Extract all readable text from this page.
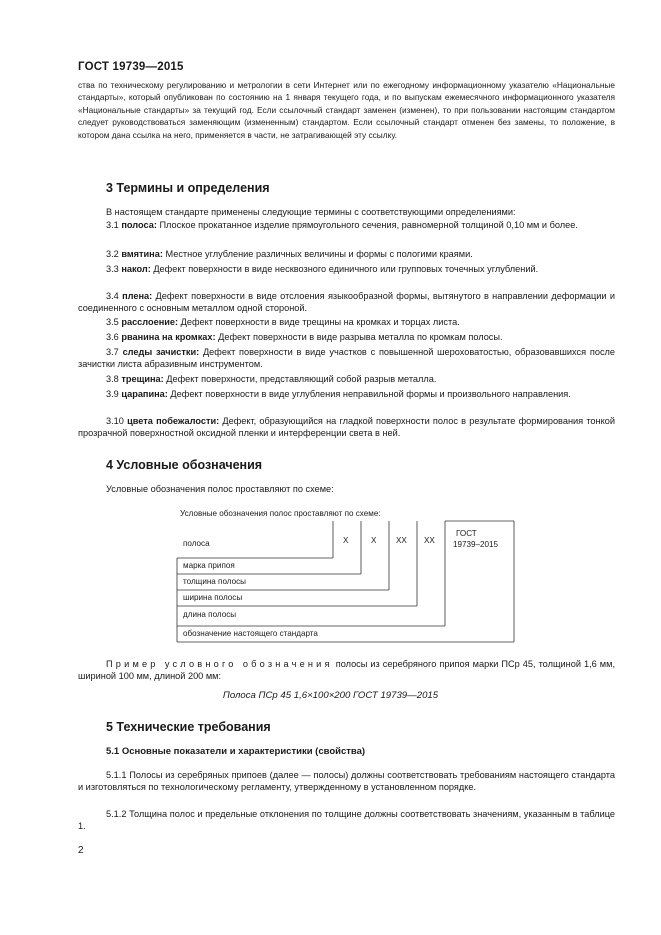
ГОСТ 19739—2015

ства по техническому регулированию и метрологии в сети Интернет или по ежегодному информационному указателю «Национальные стандарты», который опубликован по состоянию на 1 января текущего года, и по выпускам ежемесячного информационного указателя «Национальные стандарты» за текущий год. Если ссылочный стандарт заменен (изменен), то при пользовании настоящим стандартом следует руководствоваться заменяющим (измененным) стандартом. Если ссылочный стандарт отменен без замены, то положение, в котором дана ссылка на него, применяется в части, не затрагивающей эту ссылку.

3 Термины и определения

В настоящем стандарте применены следующие термины с соответствующими определениями:

3.1 полоса: Плоское прокатанное изделие прямоугольного сечения, равномерной толщиной 0,10 мм и более.

3.2 вмятина: Местное углубление различных величины и формы с пологими краями.

3.3 накол: Дефект поверхности в виде несквозного единичного или групповых точечных углублений.

3.4 плена: Дефект поверхности в виде отслоения языкообразной формы, вытянутого в направлении деформации и соединенного с основным металлом одной стороной.

3.5 расслоение: Дефект поверхности в виде трещины на кромках и торцах листа.

3.6 рванина на кромках: Дефект поверхности в виде разрыва металла по кромкам полосы.

3.7 следы зачистки: Дефект поверхности в виде участков с повышенной шероховатостью, образовавшихся после зачистки листа абразивным инструментом.

3.8 трещина: Дефект поверхности, представляющий собой разрыв металла.

3.9 царапина: Дефект поверхности в виде углубления неправильной формы и произвольного направления.

3.10 цвета побежалости: Дефект, образующийся на гладкой поверхности полос в результате формирования тонкой прозрачной поверхностной оксидной пленки и интерференции света в ней.

4 Условные обозначения

Условные обозначения полос проставляют по схеме:

Условные обозначения полос проставляют по схеме:
полоса	Х	Х ХХ ХХ
ГОСТ
19739–2015
марка припоя
толщина полосы
ширина полосы
длина полосы
обозначение настоящего стандарта

Пример условного обозначения полосы из серебряного припоя марки ПСр 45, толщиной 1,6 мм, шириной 100 мм, длиной 200 мм:

Полоса ПСр 45 1,6×100×200 ГОСТ 19739—2015
5 Технические требования
5.1 Основные показатели и характеристики (свойства)

5.1.1 Полосы из серебряных припоев (далее — полосы) должны соответствовать требованиям настоящего стандарта и изготовляться по технологическому регламенту, утвержденному в установленном порядке.

5.1.2 Толщина полос и предельные отклонения по толщине должны соответствовать значениям, указанным в таблице 1.

2
